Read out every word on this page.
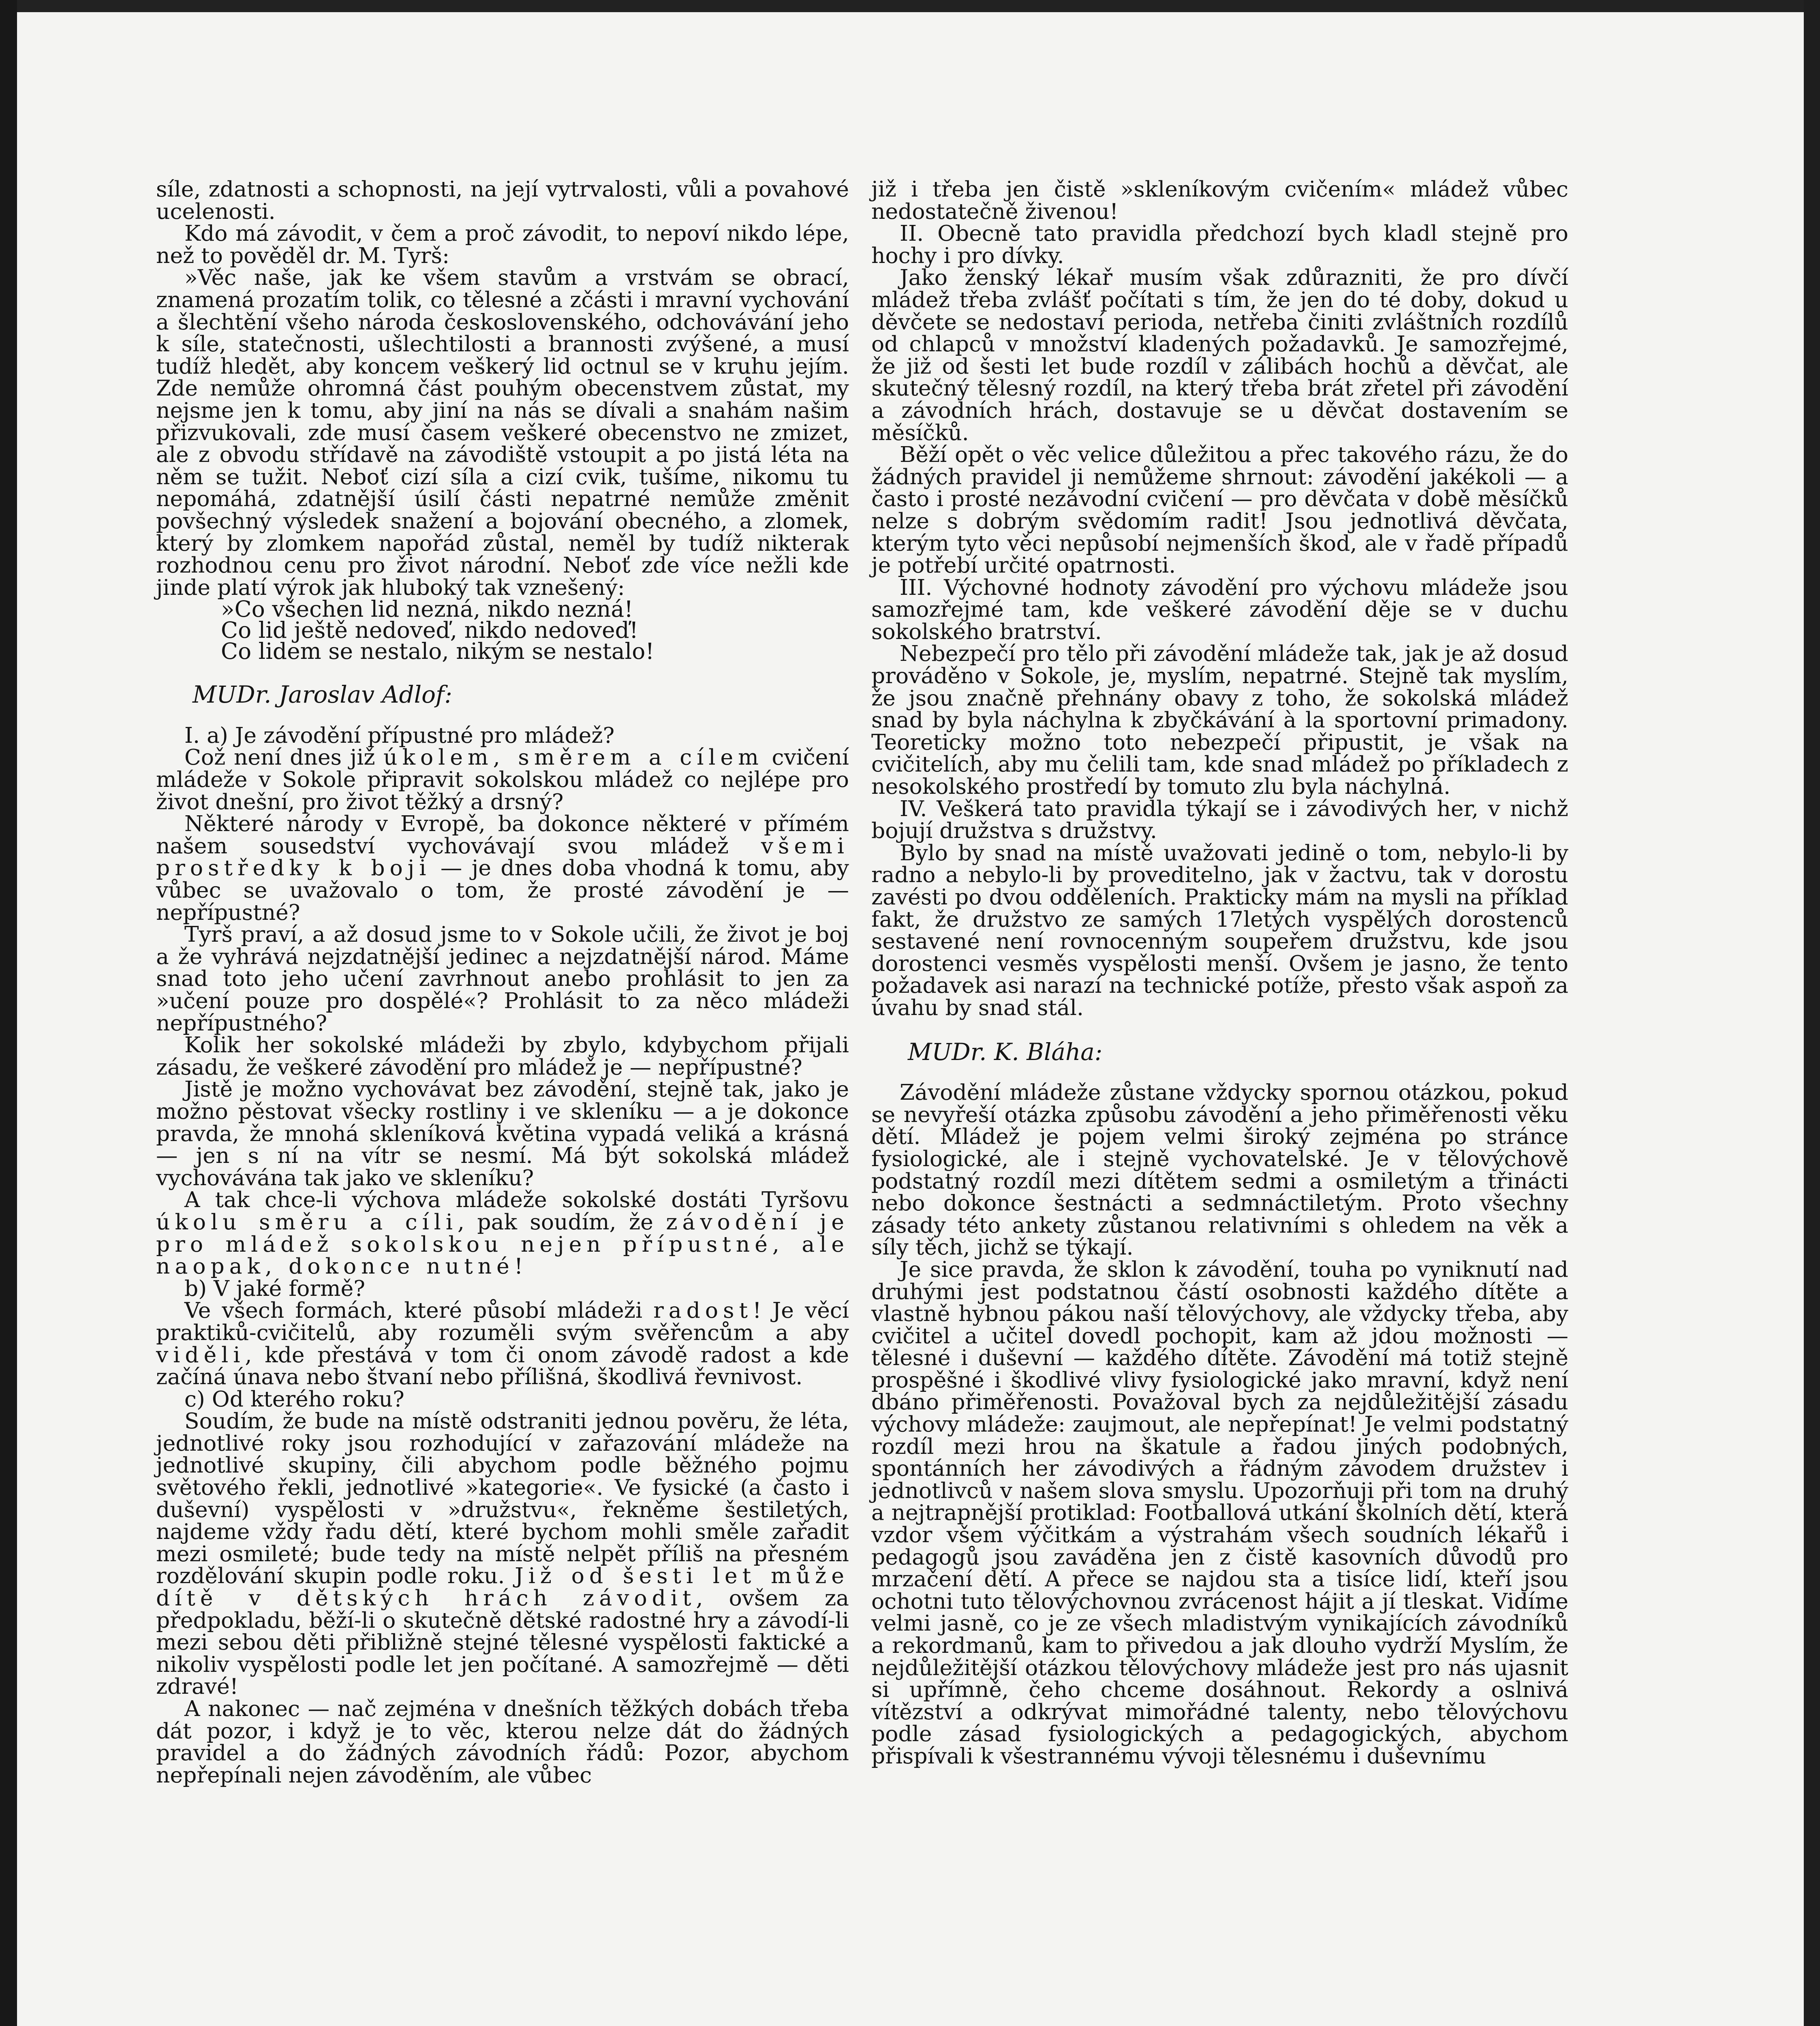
síle, zdatnosti a schopnosti, na její vytrvalosti, vůli a povahové ucelenosti.

Kdo má závodit, v čem a proč závodit, to nepoví nikdo lépe, než to pověděl dr. M. Tyrš:

»Věc naše, jak ke všem stavům a vrstvám se obrací, znamená prozatím tolik, co tělesné a zčásti i mravní vychování a šlechtění všeho národa československého, odchovávání jeho k síle, statečnosti, ušlechtilosti a brannosti zvýšené, a musí tudíž hledět, aby koncem veškerý lid octnul se v kruhu jejím. Zde nemůže ohromná část pouhým obecenstvem zůstat, my nejsme jen k tomu, aby jiní na nás se dívali a snahám našim přizvukovali, zde musí časem veškeré obecenstvo ne zmizet, ale z obvodu střídavě na závodiště vstoupit a po jistá léta na něm se tužit. Neboť cizí síla a cizí cvik, tušíme, nikomu tu nepomáhá, zdatnější úsilí části nepatrné nemůže změnit povšechný výsledek snažení a bojování obecného, a zlomek, který by zlomkem napořád zůstal, neměl by tudíž nikterak rozhodnou cenu pro život národní. Neboť zde více nežli kde jinde platí výrok jak hluboký tak vznešený:

»Co všechen lid nezná, nikdo nezná!

Co lid ještě nedoveď, nikdo nedoveď!

Co lidem se nestalo, nikým se nestalo!

MUDr. Jaroslav Adlof:

I. a) Je závodění přípustné pro mládež?

Což není dnes již úkolem, směrem a cílem cvičení mládeže v Sokole připravit sokolskou mládež co nejlépe pro život dnešní, pro život těžký a drsný?

Některé národy v Evropě, ba dokonce některé v přímém našem sousedství vychovávají svou mládež všemi prostředky k boji — je dnes doba vhodná k tomu, aby vůbec se uvažovalo o tom, že prosté závodění je — nepřípustné?

Tyrš praví, a až dosud jsme to v Sokole učili, že život je boj a že vyhrává nejzdatnější jedinec a nejzdatnější národ. Máme snad toto jeho učení zavrhnout anebo prohlásit to jen za »učení pouze pro dospělé«? Prohlásit to za něco mládeži nepřípustného?

Kolik her sokolské mládeži by zbylo, kdybychom přijali zásadu, že veškeré závodění pro mládež je — nepřípustné?

Jistě je možno vychovávat bez závodění, stejně tak, jako je možno pěstovat všecky rostliny i ve skleníku — a je dokonce pravda, že mnohá skleníková květina vypadá veliká a krásná — jen s ní na vítr se nesmí. Má být sokolská mládež vychovávána tak jako ve skleníku?

A tak chce-li výchova mládeže sokolské dostáti Tyršovu úkolu směru a cíli, pak soudím, že závodění je pro mládež sokolskou nejen přípustné, ale naopak, dokonce nutné!

b) V jaké formě?

Ve všech formách, které působí mládeži radost! Je věcí praktiků-cvičitelů, aby rozuměli svým svěřencům a aby viděli, kde přestává v tom či onom závodě radost a kde začíná únava nebo štvaní nebo přílišná, škodlivá řevnivost.

c) Od kterého roku?

Soudím, že bude na místě odstraniti jednou pověru, že léta, jednotlivé roky jsou rozhodující v zařazování mládeže na jednotlivé skupiny, čili abychom podle běžného pojmu světového řekli, jednotlivé »kategorie«. Ve fysické (a často i duševní) vyspělosti v »družstvu«, řekněme šestiletých, najdeme vždy řadu dětí, které bychom mohli směle zařadit mezi osmileté; bude tedy na místě nelpět příliš na přesném rozdělování skupin podle roku. Již od šesti let může dítě v dětských hrách závodit, ovšem za předpokladu, běží-li o skutečně dětské radostné hry a závodí-li mezi sebou děti přibližně stejné tělesné vyspělosti faktické a nikoliv vyspělosti podle let jen počítané. A samozřejmě — děti zdravé!

A nakonec — nač zejména v dnešních těžkých dobách třeba dát pozor, i když je to věc, kterou nelze dát do žádných pravidel a do žádných závodních řádů: Pozor, abychom nepřepínali nejen závoděním, ale vůbec

již i třeba jen čistě »skleníkovým cvičením« mládež vůbec nedostatečně živenou!

II. Obecně tato pravidla předchozí bych kladl stejně pro hochy i pro dívky.

Jako ženský lékař musím však zdůrazniti, že pro dívčí mládež třeba zvlášť počítati s tím, že jen do té doby, dokud u děvčete se nedostaví perioda, netřeba činiti zvláštních rozdílů od chlapců v množství kladených požadavků. Je samozřejmé, že již od šesti let bude rozdíl v zálibách hochů a děvčat, ale skutečný tělesný rozdíl, na který třeba brát zřetel při závodění a závodních hrách, dostavuje se u děvčat dostavením se měsíčků.

Běží opět o věc velice důležitou a přec takového rázu, že do žádných pravidel ji nemůžeme shrnout: závodění jakékoli — a často i prosté nezávodní cvičení — pro děvčata v době měsíčků nelze s dobrým svědomím radit! Jsou jednotlivá děvčata, kterým tyto věci nepůsobí nejmenších škod, ale v řadě případů je potřebí určité opatrnosti.

III. Výchovné hodnoty závodění pro výchovu mládeže jsou samozřejmé tam, kde veškeré závodění děje se v duchu sokolského bratrství.

Nebezpečí pro tělo při závodění mládeže tak, jak je až dosud prováděno v Sokole, je, myslím, nepatrné. Stejně tak myslím, že jsou značně přehnány obavy z toho, že sokolská mládež snad by byla náchylna k zbyčkávání à la sportovní primadony. Teoreticky možno toto nebezpečí připustit, je však na cvičitelích, aby mu čelili tam, kde snad mládež po příkladech z nesokolského prostředí by tomuto zlu byla náchylná.

IV. Veškerá tato pravidla týkají se i závodivých her, v nichž bojují družstva s družstvy.

Bylo by snad na místě uvažovati jedině o tom, nebylo-li by radno a nebylo-li by proveditelno, jak v žactvu, tak v dorostu zavésti po dvou odděleních. Prakticky mám na mysli na příklad fakt, že družstvo ze samých 17letých vyspělých dorostenců sestavené není rovnocenným soupeřem družstvu, kde jsou dorostenci vesměs vyspělosti menší. Ovšem je jasno, že tento požadavek asi narazí na technické potíže, přesto však aspoň za úvahu by snad stál.

MUDr. K. Bláha:

Závodění mládeže zůstane vždycky spornou otázkou, pokud se nevyřeší otázka způsobu závodění a jeho přiměřenosti věku dětí. Mládež je pojem velmi široký zejména po stránce fysiologické, ale i stejně vychovatelské. Je v tělovýchově podstatný rozdíl mezi dítětem sedmi a osmiletým a třinácti nebo dokonce šestnácti a sedmnáctiletým. Proto všechny zásady této ankety zůstanou relativními s ohledem na věk a síly těch, jichž se týkají.

Je sice pravda, že sklon k závodění, touha po vyniknutí nad druhými jest podstatnou částí osobnosti každého dítěte a vlastně hybnou pákou naší tělovýchovy, ale vždycky třeba, aby cvičitel a učitel dovedl pochopit, kam až jdou možnosti — tělesné i duševní — každého dítěte. Závodění má totiž stejně prospěšné i škodlivé vlivy fysiologické jako mravní, když není dbáno přiměřenosti. Považoval bych za nejdůležitější zásadu výchovy mládeže: zaujmout, ale nepřepínat! Je velmi podstatný rozdíl mezi hrou na škatule a řadou jiných podobných, spontánních her závodivých a řádným závodem družstev i jednotlivců v našem slova smyslu. Upozorňuji při tom na druhý a nejtrapnější protiklad: Footballová utkání školních dětí, která vzdor všem výčitkám a výstrahám všech soudních lékařů i pedagogů jsou zaváděna jen z čistě kasovních důvodů pro mrzačení dětí. A přece se najdou sta a tisíce lidí, kteří jsou ochotni tuto tělovýchovnou zvrácenost hájit a jí tleskat. Vidíme velmi jasně, co je ze všech mladistvým vynikajících závodníků a rekordmanů, kam to přivedou a jak dlouho vydrží Myslím, že nejdůležitější otázkou tělovýchovy mládeže jest pro nás ujasnit si upřímně, čeho chceme dosáhnout. Rekordy a oslnivá vítězství a odkrývat mimořádné talenty, nebo tělovýchovu podle zásad fysiologických a pedagogických, abychom přispívali k všestrannému vývoji tělesnému i duševnímu
